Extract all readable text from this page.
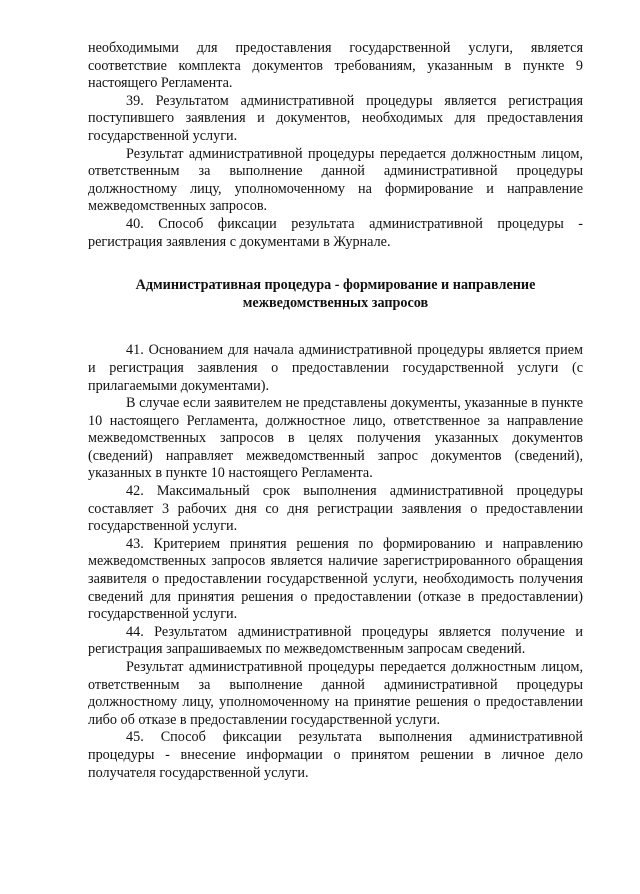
необходимыми для предоставления государственной услуги, является соответствие комплекта документов требованиям, указанным в пункте 9 настоящего Регламента.

39. Результатом административной процедуры является регистрация поступившего заявления и документов, необходимых для предоставления государственной услуги.

Результат административной процедуры передается должностным лицом, ответственным за выполнение данной административной процедуры должностному лицу, уполномоченному на формирование и направление межведомственных запросов.

40. Способ фиксации результата административной процедуры - регистрация заявления с документами в Журнале.

Административная процедура - формирование и направление
межведомственных запросов

41. Основанием для начала административной процедуры является прием и регистрация заявления о предоставлении государственной услуги (с прилагаемыми документами).

В случае если заявителем не представлены документы, указанные в пункте 10 настоящего Регламента, должностное лицо, ответственное за направление межведомственных запросов в целях получения указанных документов (сведений) направляет межведомственный запрос документов (сведений), указанных в пункте 10 настоящего Регламента.

42. Максимальный срок выполнения административной процедуры составляет 3 рабочих дня со дня регистрации заявления о предоставлении государственной услуги.

43. Критерием принятия решения по формированию и направлению межведомственных запросов является наличие зарегистрированного обращения заявителя о предоставлении государственной услуги, необходимость получения сведений для принятия решения о предоставлении (отказе в предоставлении) государственной услуги.

44. Результатом административной процедуры является получение и регистрация запрашиваемых по межведомственным запросам сведений.

Результат административной процедуры передается должностным лицом, ответственным за выполнение данной административной процедуры должностному лицу, уполномоченному на принятие решения о предоставлении либо об отказе в предоставлении государственной услуги.

45. Способ фиксации результата выполнения административной процедуры - внесение информации о принятом решении в личное дело получателя государственной услуги.
